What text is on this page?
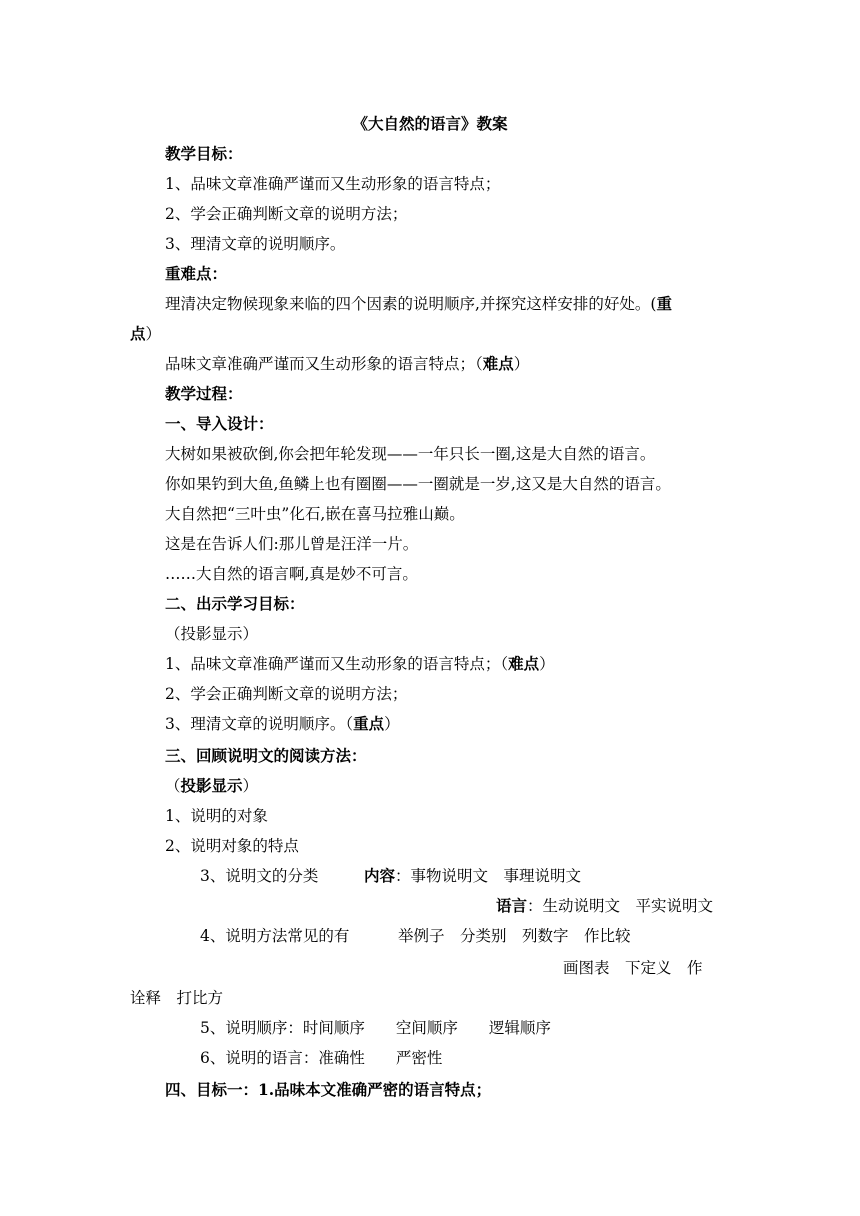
《大自然的语言》教案
教学目标：
1、品味文章准确严谨而又生动形象的语言特点；
2、学会正确判断文章的说明方法；
3、理清文章的说明顺序。
重难点：
理清决定物候现象来临的四个因素的说明顺序,并探究这样安排的好处。(重
点）
品味文章准确严谨而又生动形象的语言特点；（难点）
教学过程：
一、导入设计：
大树如果被砍倒,你会把年轮发现——一年只长一圈,这是大自然的语言。
你如果钓到大鱼,鱼鳞上也有圈圈——一圈就是一岁,这又是大自然的语言。
大自然把“三叶虫”化石,嵌在喜马拉雅山巅。
这是在告诉人们:那儿曾是汪洋一片。
……大自然的语言啊,真是妙不可言。
二、出示学习目标：
（投影显示）
1、品味文章准确严谨而又生动形象的语言特点；（难点）
2、学会正确判断文章的说明方法；
3、理清文章的说明顺序。（重点）
三、回顾说明文的阅读方法：
（投影显示）
1、说明的对象
2、说明对象的特点
3、说明文的分类	内容：事物说明文　事理说明文
语言：生动说明文　平实说明文
4、说明方法常见的有	举例子　分类别　列数字　作比较
画图表　下定义　作
诠释　打比方
5、说明顺序：时间顺序　　空间顺序　　逻辑顺序
6、说明的语言：准确性　　严密性
四、目标一：1.品味本文准确严密的语言特点；
